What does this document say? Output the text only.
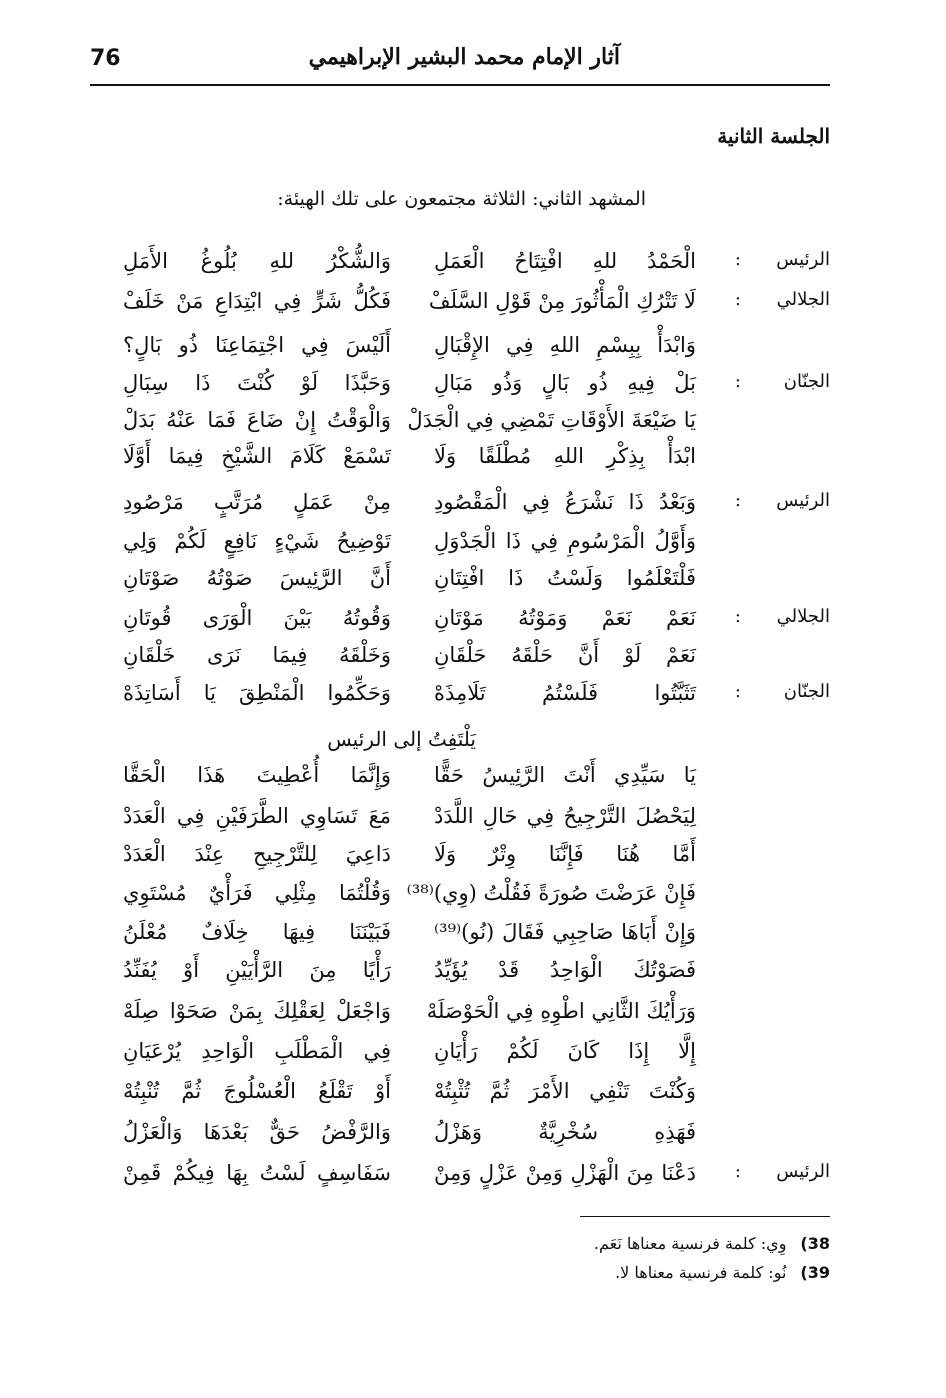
76	آثار الإمام محمد البشير الإبراهيمي
الجلسة الثانية
المشهد الثاني: الثلاثة مجتمعون على تلك الهيئة:
الرئيس
:
الْحَمْدُ للهِ افْتِتَاحُ الْعَمَلِ
وَالشُّكْرُ للهِ بُلُوغُ الأَمَلِ
الجلالي
:
لَا تَتْرُكِ الْمَأْثُورَ مِنْ قَوْلِ السَّلَفْ
فَكُلُّ شَرٍّ فِي ابْتِدَاعِ مَنْ خَلَفْ
وَابْدَأْ بِبِسْمِ اللهِ فِي الإِقْبَالِ
أَلَيْسَ فِي اجْتِمَاعِنَا ذُو بَالٍ؟
الجنّان
:
بَلْ فِيهِ ذُو بَالٍ وَذُو مَبَالِ
وَحَبَّذَا لَوْ كُنْتَ ذَا سِبَالِ
يَا ضَيْعَةَ الأَوْقَاتِ تَمْضِي فِي الْجَدَلْ
وَالْوَقْتُ إِنْ ضَاعَ فَمَا عَنْهُ بَدَلْ
ابْدَأْ بِذِكْرِ اللهِ مُطْلَقًا وَلَا
تَسْمَعْ كَلَامَ الشَّيْخِ فِيمَا أَوَّلَا
الرئيس
:
وَبَعْدُ ذَا نَشْرَعُ فِي الْمَقْصُودِ
مِنْ عَمَلٍ مُرَتَّبٍ مَرْصُودِ
وَأَوَّلُ الْمَرْسُومِ فِي ذَا الْجَدْوَلِ
تَوْضِيحُ شَيْءٍ نَافِعٍ لَكُمْ وَلِي
فَلْتَعْلَمُوا وَلَسْتُ ذَا افْتِتَانِ
أَنَّ الرَّئِيسَ صَوْتُهُ صَوْتَانِ
الجلالي
:
نَعَمْ نَعَمْ وَمَوْتُهُ مَوْتَانِ
وَقُوتُهُ بَيْنَ الْوَرَى قُوتَانِ
نَعَمْ لَوْ أَنَّ حَلْقَهُ حَلْقَانِ
وَخَلْقَهُ فِيمَا نَرَى خَلْقَانِ
الجنّان
:
تَثَبَّتُوا فَلَسْتُمُ تَلَامِذَهْ
وَحَكِّمُوا الْمَنْطِقَ يَا أَسَاتِذَهْ
يَلْتَفِتُ إلى الرئيس
يَا سَيِّدِي أَنْتَ الرَّئِيسُ حَقًّا
وَإِنَّمَا أُعْطِيتَ هَذَا الْحَقَّا
لِيَحْصُلَ التَّرْجِيحُ فِي حَالِ اللَّدَدْ
مَعَ تَسَاوِي الطَّرَفَيْنِ فِي الْعَدَدْ
أَمَّا هُنَا فَإِنَّنَا وِتْرٌ وَلَا
دَاعِيَ لِلتَّرْجِيحِ عِنْدَ الْعَدَدْ
فَإِنْ عَرَضْتَ صُورَةً فَقُلْتُ (وِي)⁽³⁸⁾
وَقُلْتُمَا مِثْلِي فَرَأْيٌ مُسْتَوِي
وَإِنْ أَبَاهَا صَاحِبِي فَقَالَ (نُو)⁽³⁹⁾
فَبَيْنَنَا فِيهَا خِلَافٌ مُعْلَنُ
فَصَوْتُكَ الْوَاحِدُ قَدْ يُؤَيِّدُ
رَأْيًا مِنَ الرَّأْيَيْنِ أَوْ يُفَنِّدُ
وَرَأْيُكَ الثَّانِي اطْوِهِ فِي الْحَوْصَلَهْ
وَاجْعَلْ لِعَقْلِكَ بِمَنْ صَحَوْا صِلَهْ
إِلَّا إِذَا كَانَ لَكُمْ رَأْيَانِ
فِي الْمَطْلَبِ الْوَاحِدِ يُرْعَيَانِ
وَكُنْتَ تَنْفِي الأَمْرَ ثُمَّ تُثْبِتُهْ
أَوْ تَقْلَعُ الْعُسْلُوجَ ثُمَّ تُنْبِتُهْ
فَهَذِهِ سُخْرِيَّةٌ وَهَزْلُ
وَالرَّفْضُ حَقٌّ بَعْدَهَا وَالْعَزْلُ
الرئيس
:
دَعْنَا مِنَ الْهَزْلِ وَمِنْ عَزْلٍ وَمِنْ
سَفَاسِفٍ لَسْتُ بِهَا فِيكُمْ قَمِنْ
38)وِي: كلمة فرنسية معناها نَعَم.
39)نُو: كلمة فرنسية معناها لا.
